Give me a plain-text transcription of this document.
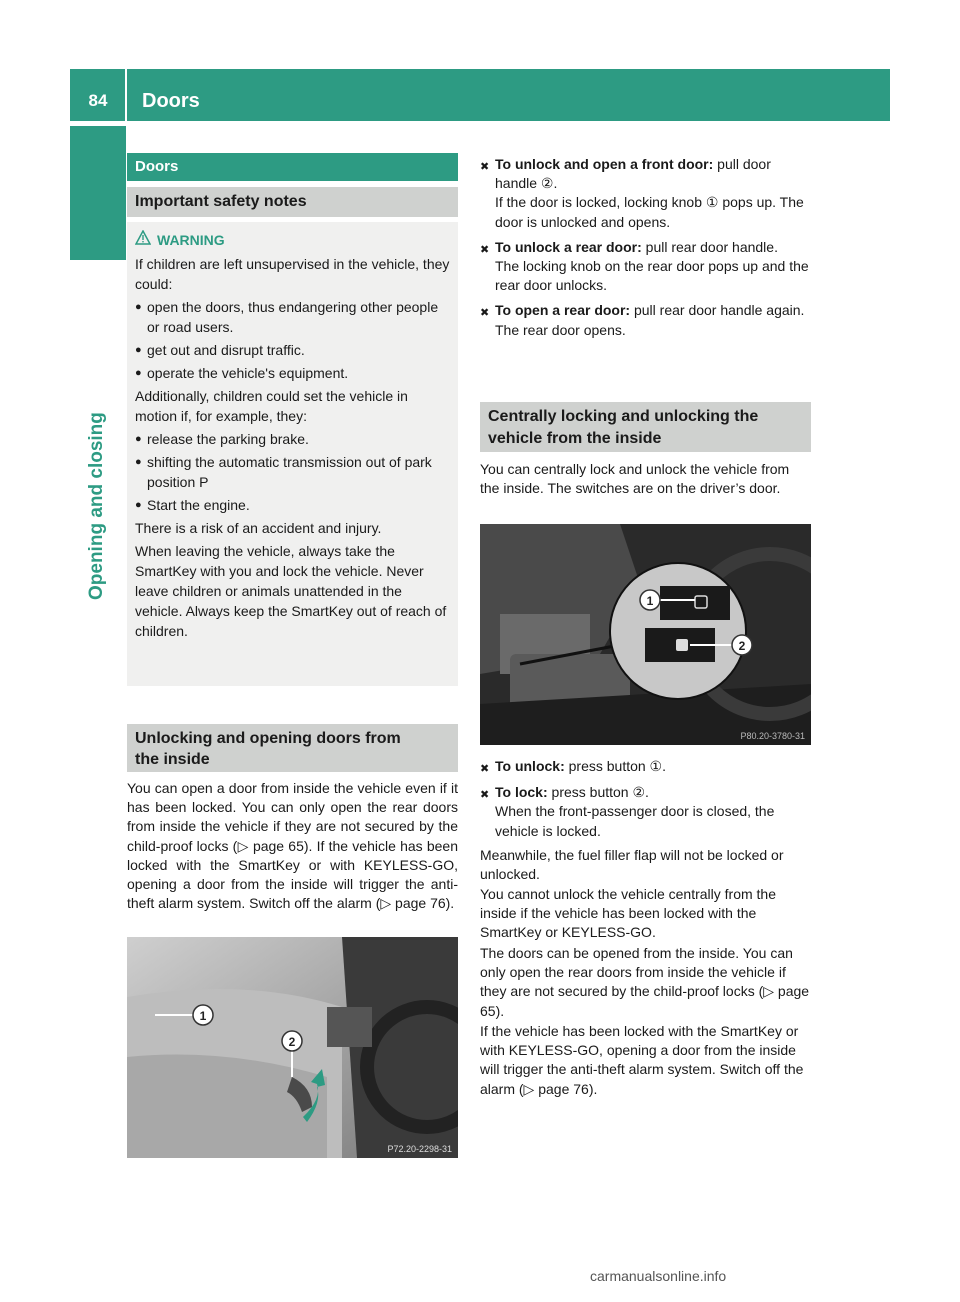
84	Doors
Opening and closing
Doors
Important safety notes
WARNING

If children are left unsupervised in the vehicle, they could:

● open the doors, thus endangering other people or road users.
● get out and disrupt traffic.
● operate the vehicle's equipment.

Additionally, children could set the vehicle in motion if, for example, they:

● release the parking brake.
● shifting the automatic transmission out of park position P
● Start the engine.

There is a risk of an accident and injury.

When leaving the vehicle, always take the SmartKey with you and lock the vehicle. Never leave children or animals unattended in the vehicle. Always keep the SmartKey out of reach of children.

Unlocking and opening doors from
the inside
You can open a door from inside the vehicle even if it has been locked. You can only open the rear doors from inside the vehicle if they are not secured by the child-proof locks (▷ page 65). If the vehicle has been locked with the SmartKey or with KEYLESS-GO, opening a door from the inside will trigger the anti-theft alarm system. Switch off the alarm (▷ page 76).
1
2
P72.20-2298-31
✖ To unlock and open a front door: pull door handle ②.
If the door is locked, locking knob ① pops up. The door is unlocked and opens.
✖ To unlock a rear door: pull rear door handle.
The locking knob on the rear door pops up and the rear door unlocks.
✖ To open a rear door: pull rear door handle again.
The rear door opens.
Centrally locking and unlocking the
vehicle from the inside
You can centrally lock and unlock the vehicle from the inside. The switches are on the driver’s door.
1
2
P80.20-3780-31
✖ To unlock: press button ①.
✖ To lock: press button ②.
When the front-passenger door is closed, the vehicle is locked.
Meanwhile, the fuel filler flap will not be locked or unlocked.
You cannot unlock the vehicle centrally from the inside if the vehicle has been locked with the SmartKey or KEYLESS-GO.
The doors can be opened from the inside. You can only open the rear doors from inside the vehicle if they are not secured by the child-proof locks (▷ page 65).
If the vehicle has been locked with the SmartKey or with KEYLESS-GO, opening a door from the inside will trigger the anti-theft alarm system. Switch off the alarm (▷ page 76).
carmanualsonline.info
